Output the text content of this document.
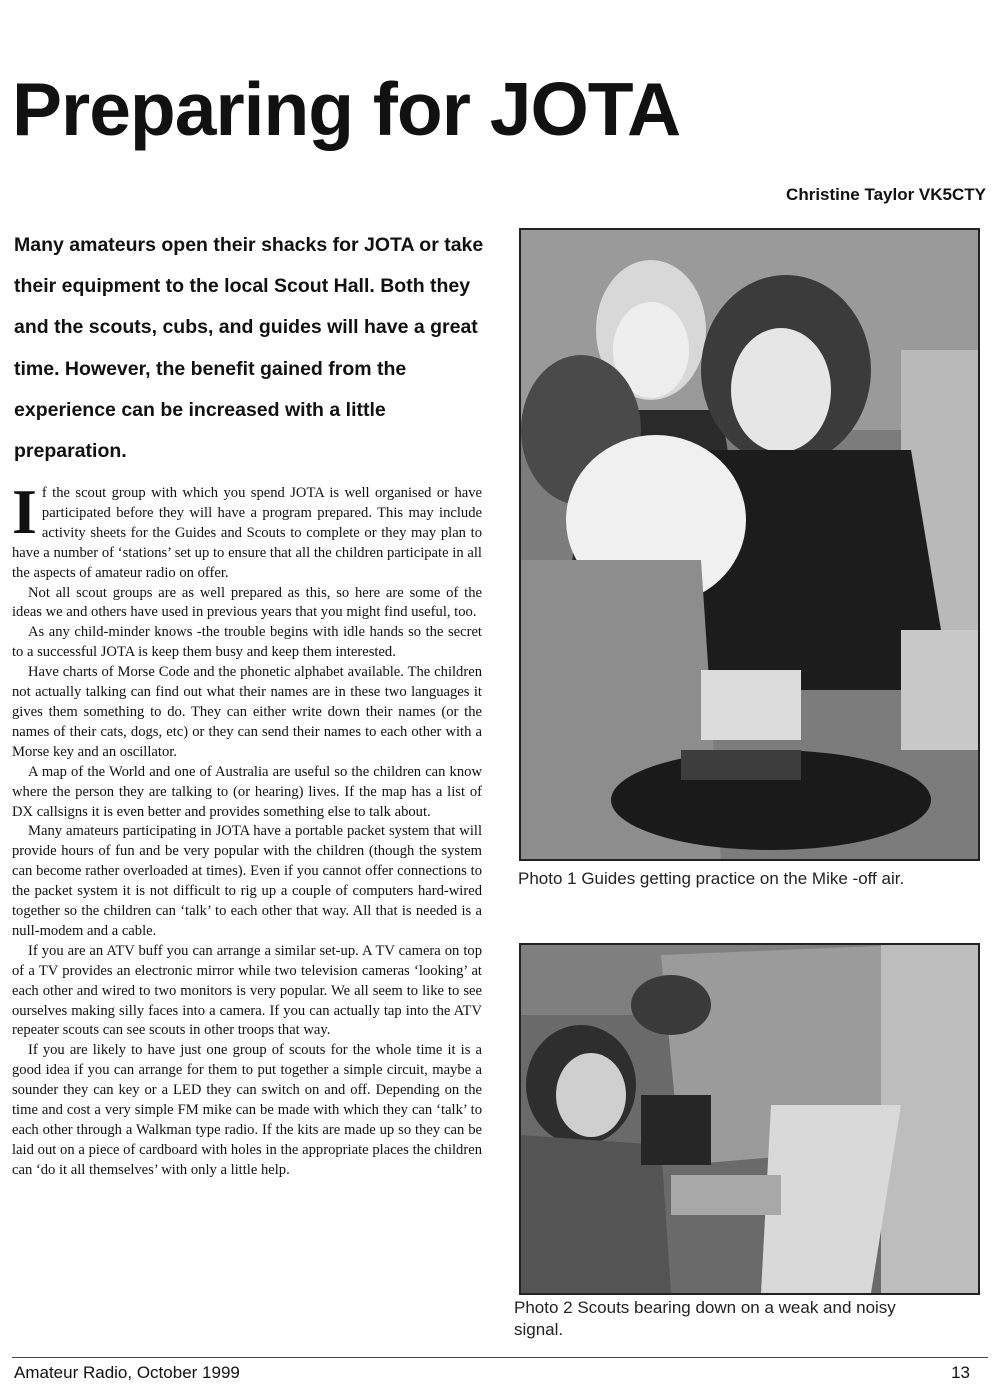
Preparing for JOTA
Christine Taylor VK5CTY

Many amateurs open their shacks for JOTA or take their equipment to the local Scout Hall. Both they and the scouts, cubs, and guides will have a great time. However, the benefit gained from the experience can be increased with a little preparation.

If the scout group with which you spend JOTA is well organised or have participated before they will have a program prepared. This may include activity sheets for the Guides and Scouts to complete or they may plan to have a number of ‘stations’ set up to ensure that all the children participate in all the aspects of amateur radio on offer.

Not all scout groups are as well prepared as this, so here are some of the ideas we and others have used in previous years that you might find useful, too.

As any child-minder knows -the trouble begins with idle hands so the secret to a successful JOTA is keep them busy and keep them interested.

Have charts of Morse Code and the phonetic alphabet available. The children not actually talking can find out what their names are in these two languages it gives them something to do. They can either write down their names (or the names of their cats, dogs, etc) or they can send their names to each other with a Morse key and an oscillator.

A map of the World and one of Australia are useful so the children can know where the person they are talking to (or hearing) lives. If the map has a list of DX callsigns it is even better and provides something else to talk about.

Many amateurs participating in JOTA have a portable packet system that will provide hours of fun and be very popular with the children (though the system can become rather overloaded at times). Even if you cannot offer connections to the packet system it is not difficult to rig up a couple of computers hard-wired together so the children can ‘talk’ to each other that way. All that is needed is a null-modem and a cable.

If you are an ATV buff you can arrange a similar set-up. A TV camera on top of a TV provides an electronic mirror while two television cameras ‘looking’ at each other and wired to two monitors is very popular. We all seem to like to see ourselves making silly faces into a camera. If you can actually tap into the ATV repeater scouts can see scouts in other troops that way.

If you are likely to have just one group of scouts for the whole time it is a good idea if you can arrange for them to put together a simple circuit, maybe a sounder they can key or a LED they can switch on and off. Depending on the time and cost a very simple FM mike can be made with which they can ‘talk’ to each other through a Walkman type radio. If the kits are made up so they can be laid out on a piece of cardboard with holes in the appropriate places the children can ‘do it all themselves’ with only a little help.

Photo 1 Guides getting practice on the Mike -off air.
Photo 2 Scouts bearing down on a weak and noisy signal.
Amateur Radio, October 1999	13
